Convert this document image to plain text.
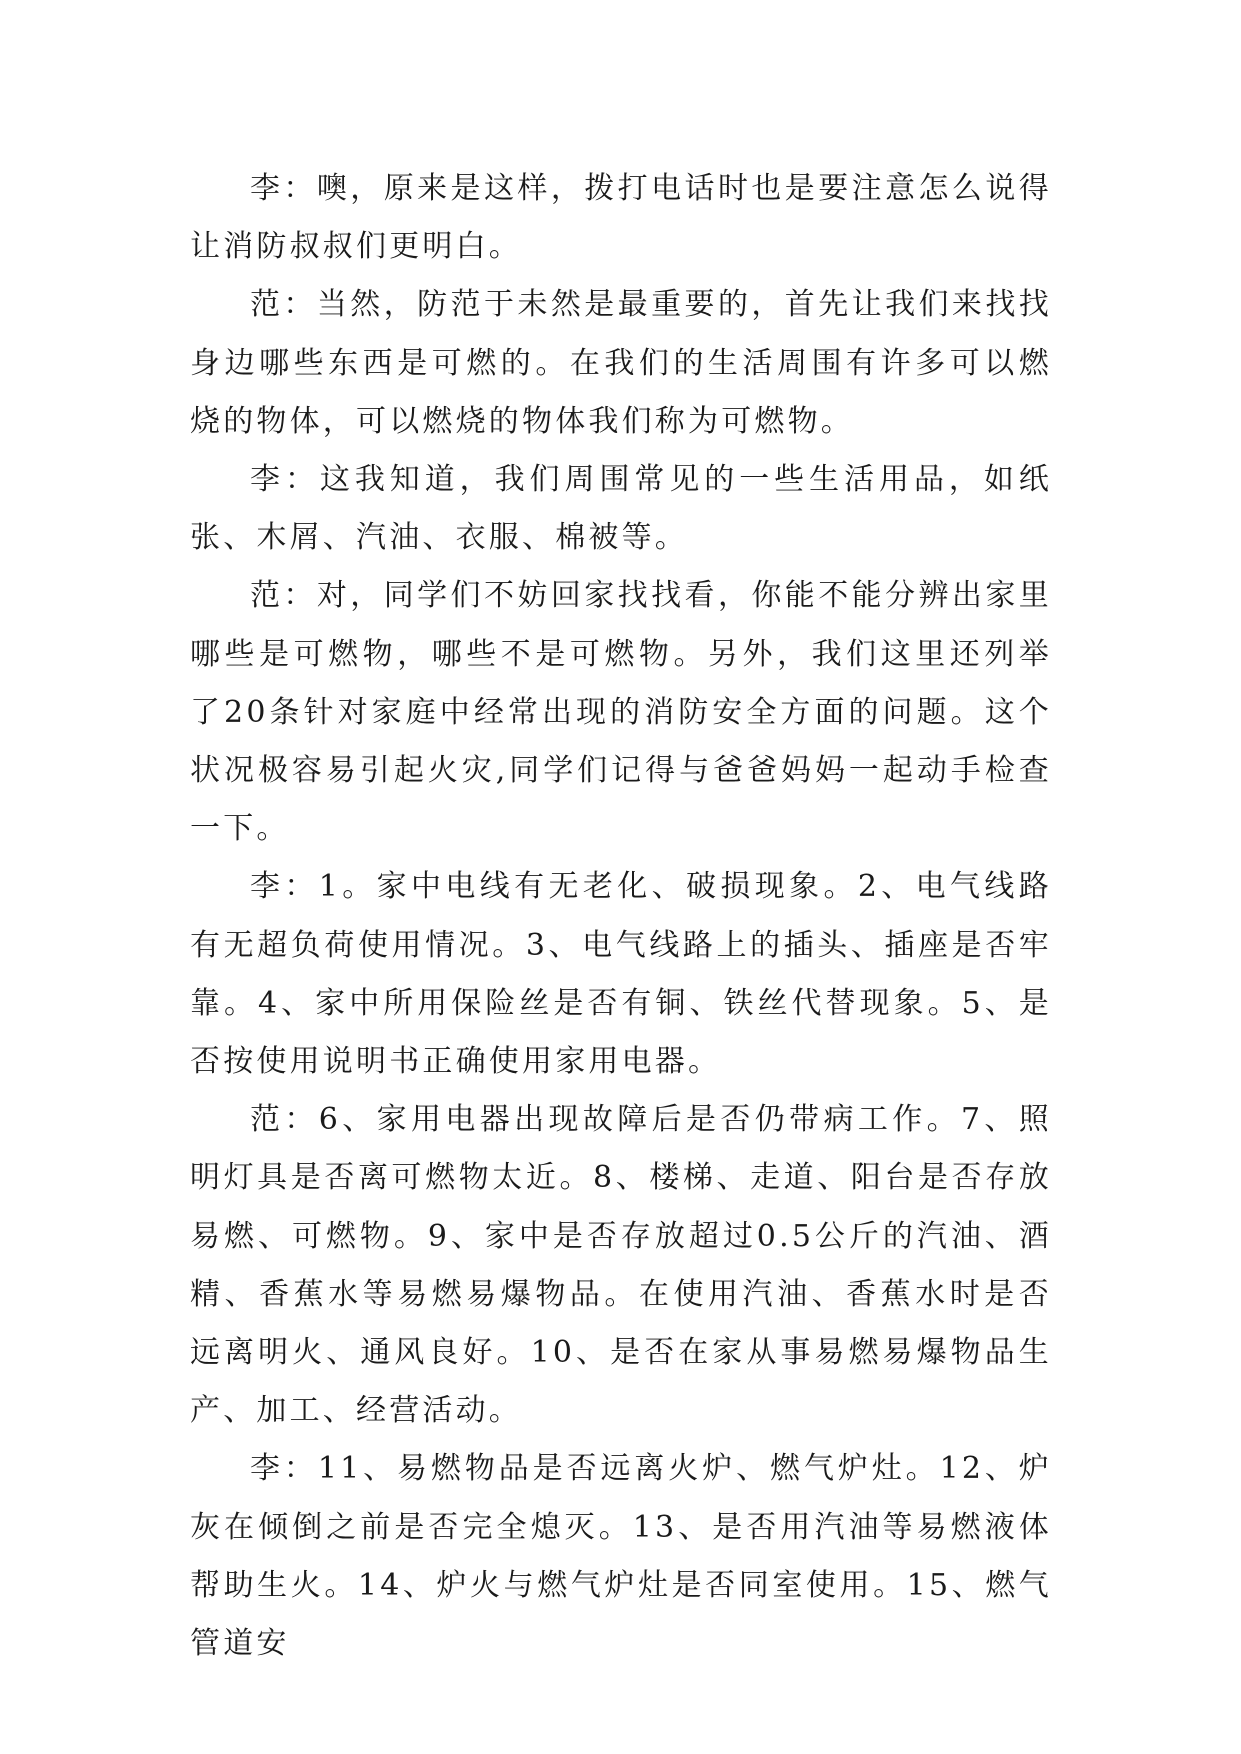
李：噢，原来是这样，拨打电话时也是要注意怎么说得让消防叔叔们更明白。

范：当然，防范于未然是最重要的，首先让我们来找找身边哪些东西是可燃的。在我们的生活周围有许多可以燃烧的物体，可以燃烧的物体我们称为可燃物。

李：这我知道，我们周围常见的一些生活用品，如纸张、木屑、汽油、衣服、棉被等。

范：对，同学们不妨回家找找看，你能不能分辨出家里哪些是可燃物，哪些不是可燃物。另外，我们这里还列举了20条针对家庭中经常出现的消防安全方面的问题。这个状况极容易引起火灾,同学们记得与爸爸妈妈一起动手检查一下。

李：1。家中电线有无老化、破损现象。2、电气线路有无超负荷使用情况。3、电气线路上的插头、插座是否牢靠。4、家中所用保险丝是否有铜、铁丝代替现象。5、是否按使用说明书正确使用家用电器。

范：6、家用电器出现故障后是否仍带病工作。7、照明灯具是否离可燃物太近。8、楼梯、走道、阳台是否存放易燃、可燃物。9、家中是否存放超过0.5公斤的汽油、酒精、香蕉水等易燃易爆物品。在使用汽油、香蕉水时是否远离明火、通风良好。10、是否在家从事易燃易爆物品生产、加工、经营活动。

李：11、易燃物品是否远离火炉、燃气炉灶。12、炉灰在倾倒之前是否完全熄灭。13、是否用汽油等易燃液体帮助生火。14、炉火与燃气炉灶是否同室使用。15、燃气管道安
